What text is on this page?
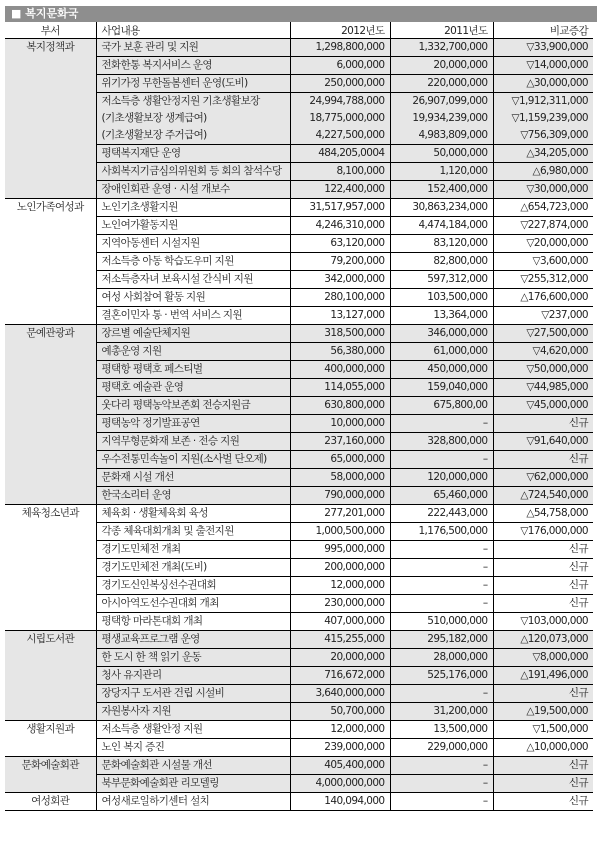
■ 복지문화국
부서	사업내용	2012년도	2011년도	비교증감
복지정책과	국가 보훈 관리 및 지원	1,298,800,000	1,332,700,000	▽33,900,000
	전화한통 복지서비스 운영	6,000,000	20,000,000	▽14,000,000
	위기가정 무한돌봄센터 운영(도비)	250,000,000	220,000,000	△30,000,000
	저소득층 생활안정지원 기초생활보장	24,994,788,000	26,907,099,000	▽1,912,311,000
	(기초생활보장 생계급여)	18,775,000,000	19,934,239,000	▽1,159,239,000
	(기초생활보장 주거급여)	4,227,500,000	4,983,809,000	▽756,309,000
	평택복지재단 운영	484,205,0004	50,000,000	△34,205,000
	사회복지기금심의위원회 등 회의 참석수당	8,100,000	1,120,000	△6,980,000
	장애인회관 운영 · 시설 개보수	122,400,000	152,400,000	▽30,000,000
노인가족여성과	노인기초생활지원	31,517,957,000	30,863,234,000	△654,723,000
	노인여가활동지원	4,246,310,000	4,474,184,000	▽227,874,000
	지역아동센터 시설지원	63,120,000	83,120,000	▽20,000,000
	저소득층 아동 학습도우미 지원	79,200,000	82,800,000	▽3,600,000
	저소득층자녀 보육시설 간식비 지원	342,000,000	597,312,000	▽255,312,000
	여성 사회참여 활동 지원	280,100,000	103,500,000	△176,600,000
	결혼이민자 통 · 번역 서비스 지원	13,127,000	13,364,000	▽237,000
문예관광과	장르별 예술단체지원	318,500,000	346,000,000	▽27,500,000
	예총운영 지원	56,380,000	61,000,000	▽4,620,000
	평택항 평택호 페스티벌	400,000,000	450,000,000	▽50,000,000
	평택호 예술관 운영	114,055,000	159,040,000	▽44,985,000
	웃다리 평택농악보존회 전승지원금	630,800,000	675,800,00	▽45,000,000
	평택농악 정기발표공연	10,000,000	–	신규
	지역무형문화재 보존 · 전승 지원	237,160,000	328,800,000	▽91,640,000
	우수전통민속놀이 지원(소사벌 단오제)	65,000,000	–	신규
	문화재 시설 개선	58,000,000	120,000,000	▽62,000,000
	한국소리터 운영	790,000,000	65,460,000	△724,540,000
체육청소년과	체육회 · 생활체육회 육성	277,201,000	222,443,000	△54,758,000
	각종 체육대회개최 및 출전지원	1,000,500,000	1,176,500,000	▽176,000,000
	경기도민체전 개최	995,000,000	–	신규
	경기도민체전 개최(도비)	200,000,000	–	신규
	경기도신인복싱선수권대회	12,000,000	–	신규
	아시아역도선수권대회 개최	230,000,000	–	신규
	평택항 마라톤대회 개최	407,000,000	510,000,000	▽103,000,000
시립도서관	평생교육프로그램 운영	415,255,000	295,182,000	△120,073,000
	한 도시 한 책 읽기 운동	20,000,000	28,000,000	▽8,000,000
	청사 유지관리	716,672,000	525,176,000	△191,496,000
	장당지구 도서관 건립 시설비	3,640,000,000	–	신규
	자원봉사자 지원	50,700,000	31,200,000	△19,500,000
생활지원과	저소득층 생활안정 지원	12,000,000	13,500,000	▽1,500,000
	노인 복지 증진	239,000,000	229,000,000	△10,000,000
문화예술회관	문화예술회관 시설물 개선	405,400,000	–	신규
	북부문화예술회관 리모델링	4,000,000,000	–	신규
여성회관	여성새로일하기센터 설치	140,094,000	–	신규
